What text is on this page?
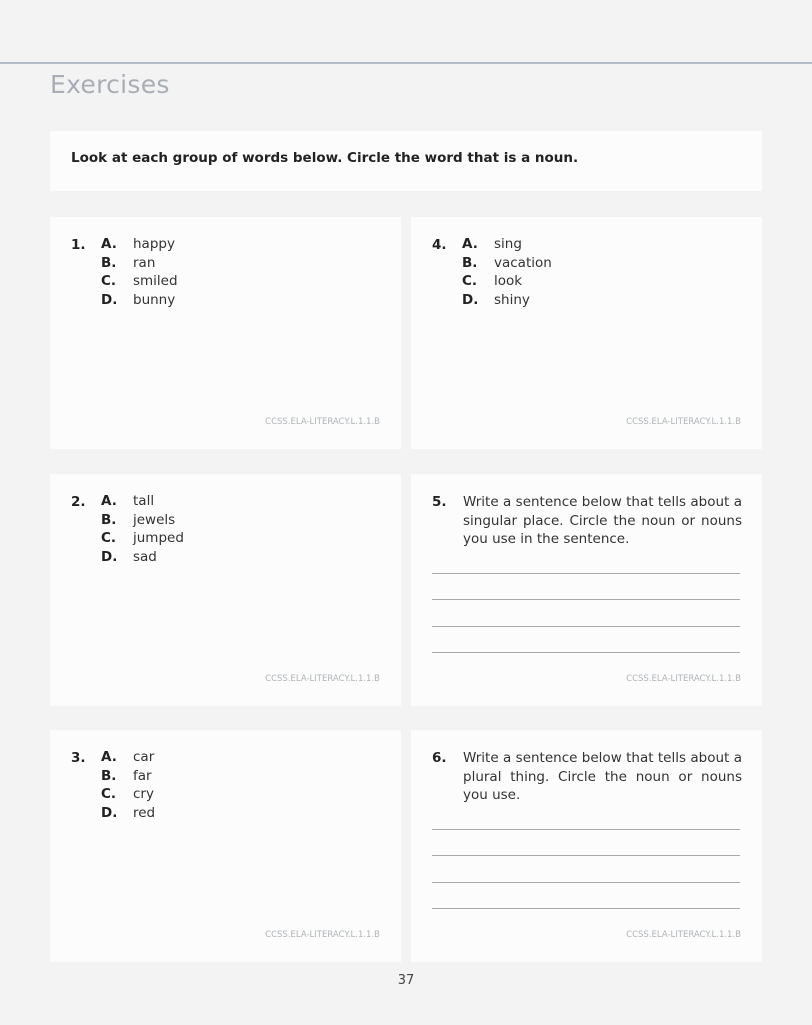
Exercises
Look at each group of words below. Circle the word that is a noun.
1. A. happy
B. ran
C. smiled
D. bunny
CCSS.ELA-LITERACY.L.1.1.B
2. A. tall
B. jewels
C. jumped
D. sad
CCSS.ELA-LITERACY.L.1.1.B
3. A. car
B. far
C. cry
D. red
CCSS.ELA-LITERACY.L.1.1.B
4. A. sing
B. vacation
C. look
D. shiny
CCSS.ELA-LITERACY.L.1.1.B
5. Write a sentence below that tells about a singular place. Circle the noun or nouns you use in the sentence.

CCSS.ELA-LITERACY.L.1.1.B
6. Write a sentence below that tells about a plural thing. Circle the noun or nouns you use.

CCSS.ELA-LITERACY.L.1.1.B
37
